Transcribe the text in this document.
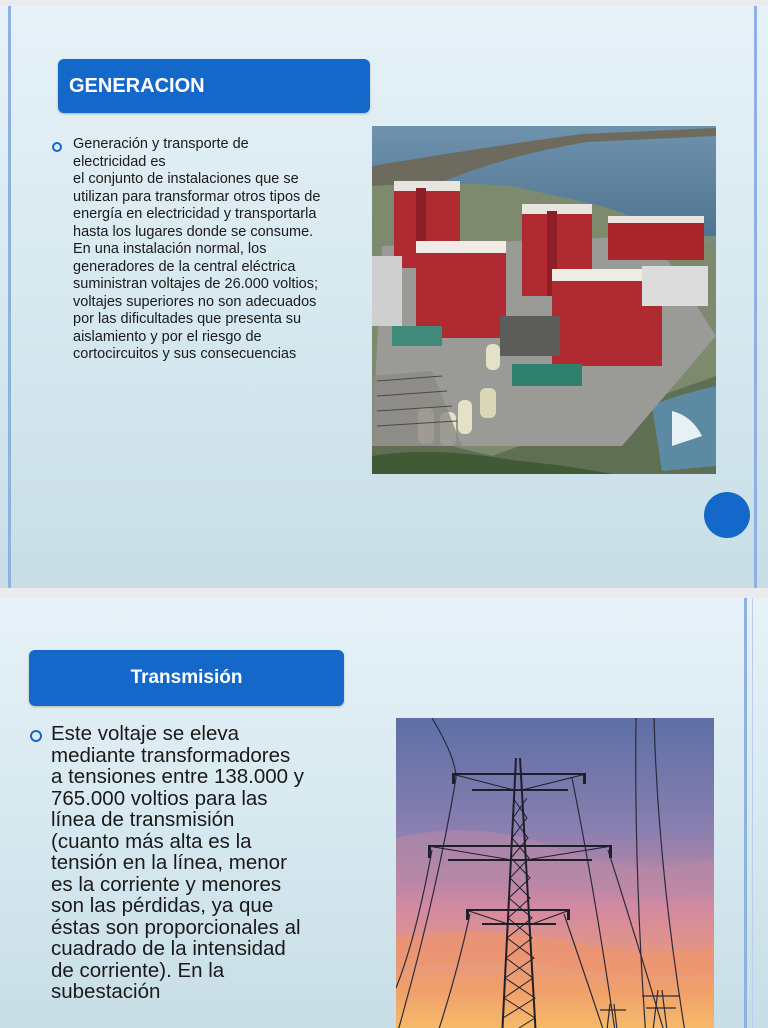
GENERACION
Generación y transporte de
electricidad es
el conjunto de instalaciones que se
utilizan para transformar otros tipos de
energía en electricidad y transportarla
hasta los lugares donde se consume.
En una instalación normal, los
generadores de la central eléctrica
suministran voltajes de 26.000 voltios;
voltajes superiores no son adecuados
por las dificultades que presenta su
aislamiento y por el riesgo de
cortocircuitos y sus consecuencias
Transmisión
Este voltaje se eleva
mediante transformadores
a tensiones entre 138.000 y
765.000 voltios para las
línea de transmisión
(cuanto más alta es la
tensión en la línea, menor
es la corriente y menores
son las pérdidas, ya que
éstas son proporcionales al
cuadrado de la intensidad
de corriente). En la
subestación
